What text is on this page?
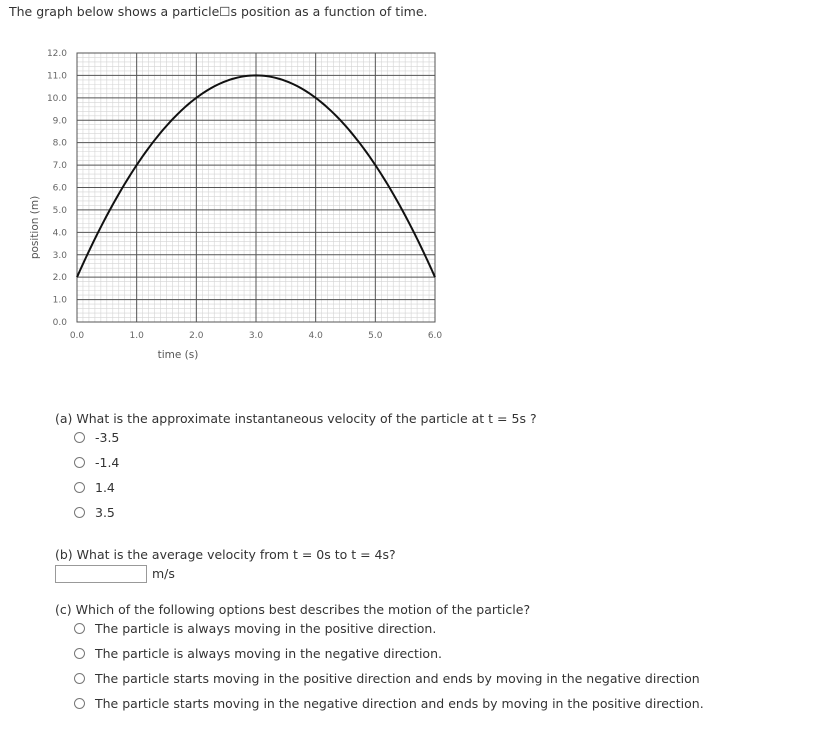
The graph below shows a particle☐s position as a function of time.
0.0	1.0	2.0	3.0	4.0	5.0	6.0
0.0
1.0
2.0
3.0
4.0
5.0
6.0
7.0
8.0
9.0
10.0
11.0
12.0
time (s)
position (m)
(a) What is the approximate instantaneous velocity of the particle at t = 5s ?
-3.5
-1.4
1.4
3.5
(b) What is the average velocity from t = 0s to t = 4s?
m/s
(c) Which of the following options best describes the motion of the particle?
The particle is always moving in the positive direction.
The particle is always moving in the negative direction.
The particle starts moving in the positive direction and ends by moving in the negative direction
The particle starts moving in the negative direction and ends by moving in the positive direction.
